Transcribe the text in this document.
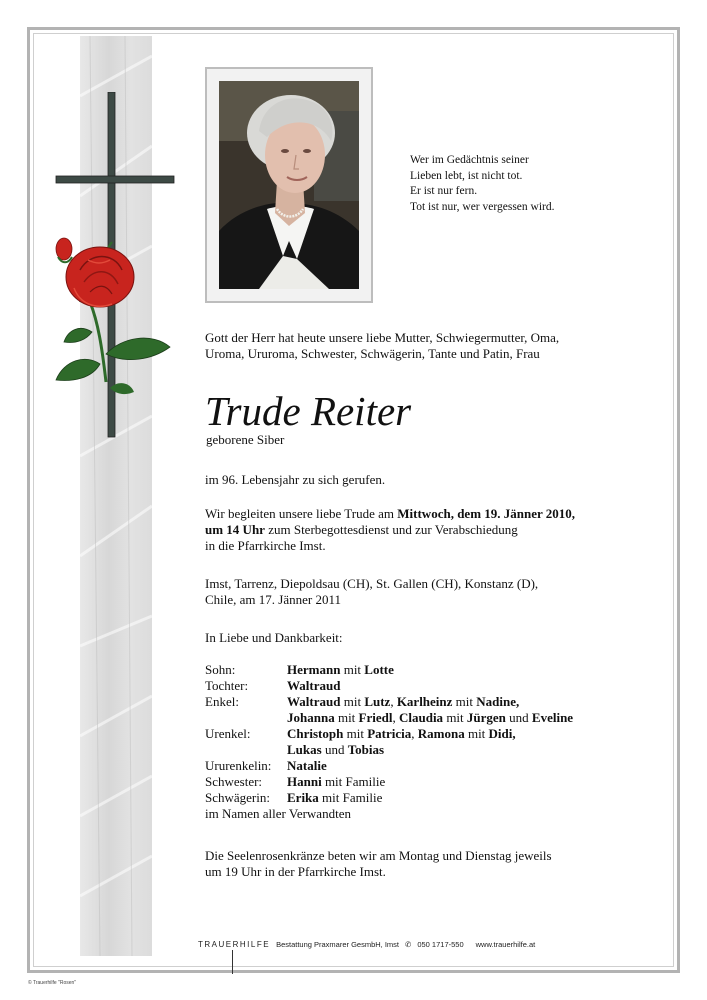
Wer im Gedächtnis seiner
Lieben lebt, ist nicht tot.
Er ist nur fern.
Tot ist nur, wer vergessen wird.
Gott der Herr hat heute unsere liebe Mutter, Schwiegermutter, Oma,
Uroma, Ururoma, Schwester, Schwägerin, Tante und Patin, Frau
Trude Reiter
geborene Siber
im 96. Lebensjahr zu sich gerufen.
Wir begleiten unsere liebe Trude am Mittwoch, dem 19. Jänner 2010,
um 14 Uhr zum Sterbegottesdienst und zur Verabschiedung
in die Pfarrkirche Imst.
Imst, Tarrenz, Diepoldsau (CH), St. Gallen (CH), Konstanz (D),
Chile, am 17. Jänner 2011
In Liebe und Dankbarkeit:
Sohn:	Hermann mit Lotte
Tochter:	Waltraud
Enkel:	Waltraud mit Lutz, Karlheinz mit Nadine,
Johanna mit Friedl, Claudia mit Jürgen und Eveline
Urenkel:	Christoph mit Patricia, Ramona mit Didi,
Lukas und Tobias
Ururenkelin:	Natalie
Schwester:	Hanni mit Familie
Schwägerin:	Erika mit Familie
im Namen aller Verwandten
Die Seelenrosenkränze beten wir am Montag und Dienstag jeweils
um 19 Uhr in der Pfarrkirche Imst.
TRAUERHILFE Bestattung Praxmarer GesmbH, Imst ✆ 050 1717-550 www.trauerhilfe.at
© Trauerhilfe "Rosen"
